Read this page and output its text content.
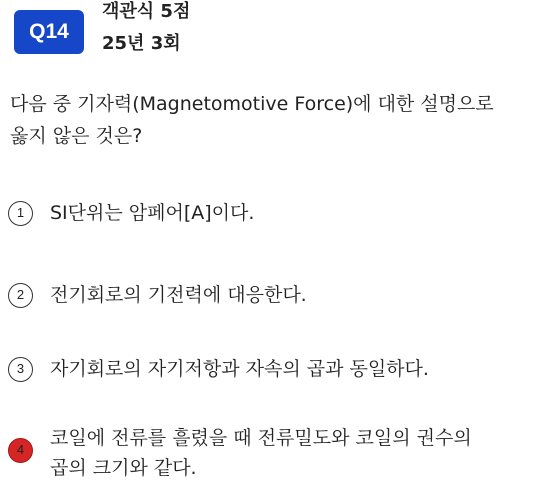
Q14
객관식 5점
25년 3회
다음 중 기자력(Magnetomotive Force)에 대한 설명으로
옳지 않은 것은?
1	SI단위는 암페어[A]이다.
2	전기회로의 기전력에 대응한다.
3	자기회로의 자기저항과 자속의 곱과 동일하다.
4
코일에 전류를 흘렸을 때 전류밀도와 코일의 권수의
곱의 크기와 같다.
